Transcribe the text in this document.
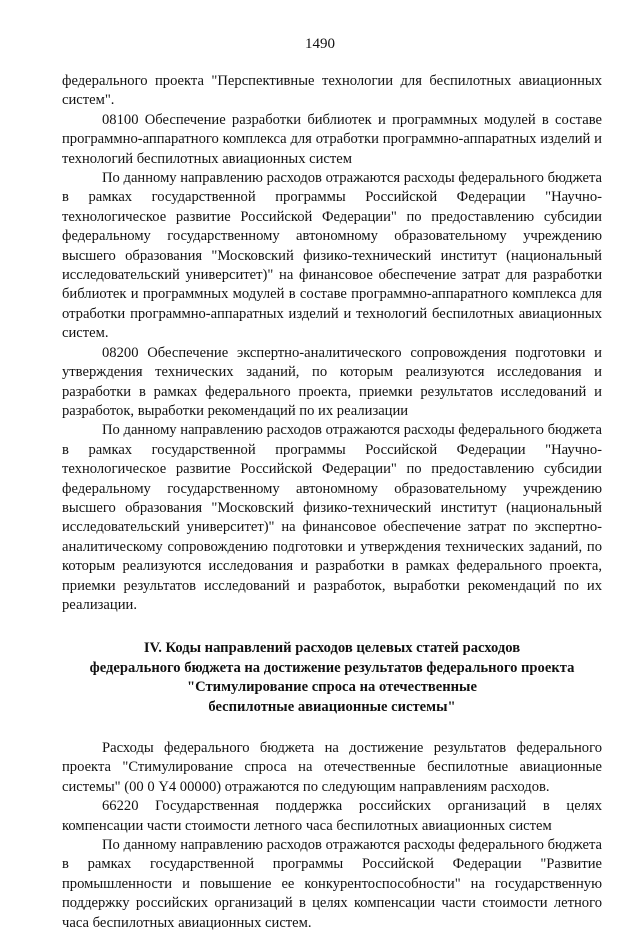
1490

федерального проекта "Перспективные технологии для беспилотных авиационных систем".

08100 Обеспечение разработки библиотек и программных модулей в составе программно-аппаратного комплекса для отработки программно-аппаратных изделий и технологий беспилотных авиационных систем

По данному направлению расходов отражаются расходы федерального бюджета в рамках государственной программы Российской Федерации "Научно-технологическое развитие Российской Федерации" по предоставлению субсидии федеральному государственному автономному образовательному учреждению высшего образования "Московский физико-технический институт (национальный исследовательский университет)" на финансовое обеспечение затрат для разработки библиотек и программных модулей в составе программно-аппаратного комплекса для отработки программно-аппаратных изделий и технологий беспилотных авиационных систем.

08200 Обеспечение экспертно-аналитического сопровождения подготовки и утверждения технических заданий, по которым реализуются исследования и разработки в рамках федерального проекта, приемки результатов исследований и разработок, выработки рекомендаций по их реализации

По данному направлению расходов отражаются расходы федерального бюджета в рамках государственной программы Российской Федерации "Научно-технологическое развитие Российской Федерации" по предоставлению субсидии федеральному государственному автономному образовательному учреждению высшего образования "Московский физико-технический институт (национальный исследовательский университет)" на финансовое обеспечение затрат по экспертно-аналитическому сопровождению подготовки и утверждения технических заданий, по которым реализуются исследования и разработки в рамках федерального проекта, приемки результатов исследований и разработок, выработки рекомендаций по их реализации.

IV. Коды направлений расходов целевых статей расходов
федерального бюджета на достижение результатов федерального проекта
"Стимулирование спроса на отечественные
беспилотные авиационные системы"

Расходы федерального бюджета на достижение результатов федерального проекта "Стимулирование спроса на отечественные беспилотные авиационные системы" (00 0 Y4 00000) отражаются по следующим направлениям расходов.

66220 Государственная поддержка российских организаций в целях компенсации части стоимости летного часа беспилотных авиационных систем

По данному направлению расходов отражаются расходы федерального бюджета в рамках государственной программы Российской Федерации "Развитие промышленности и повышение ее конкурентоспособности" на государственную поддержку российских организаций в целях компенсации части стоимости летного часа беспилотных авиационных систем.
